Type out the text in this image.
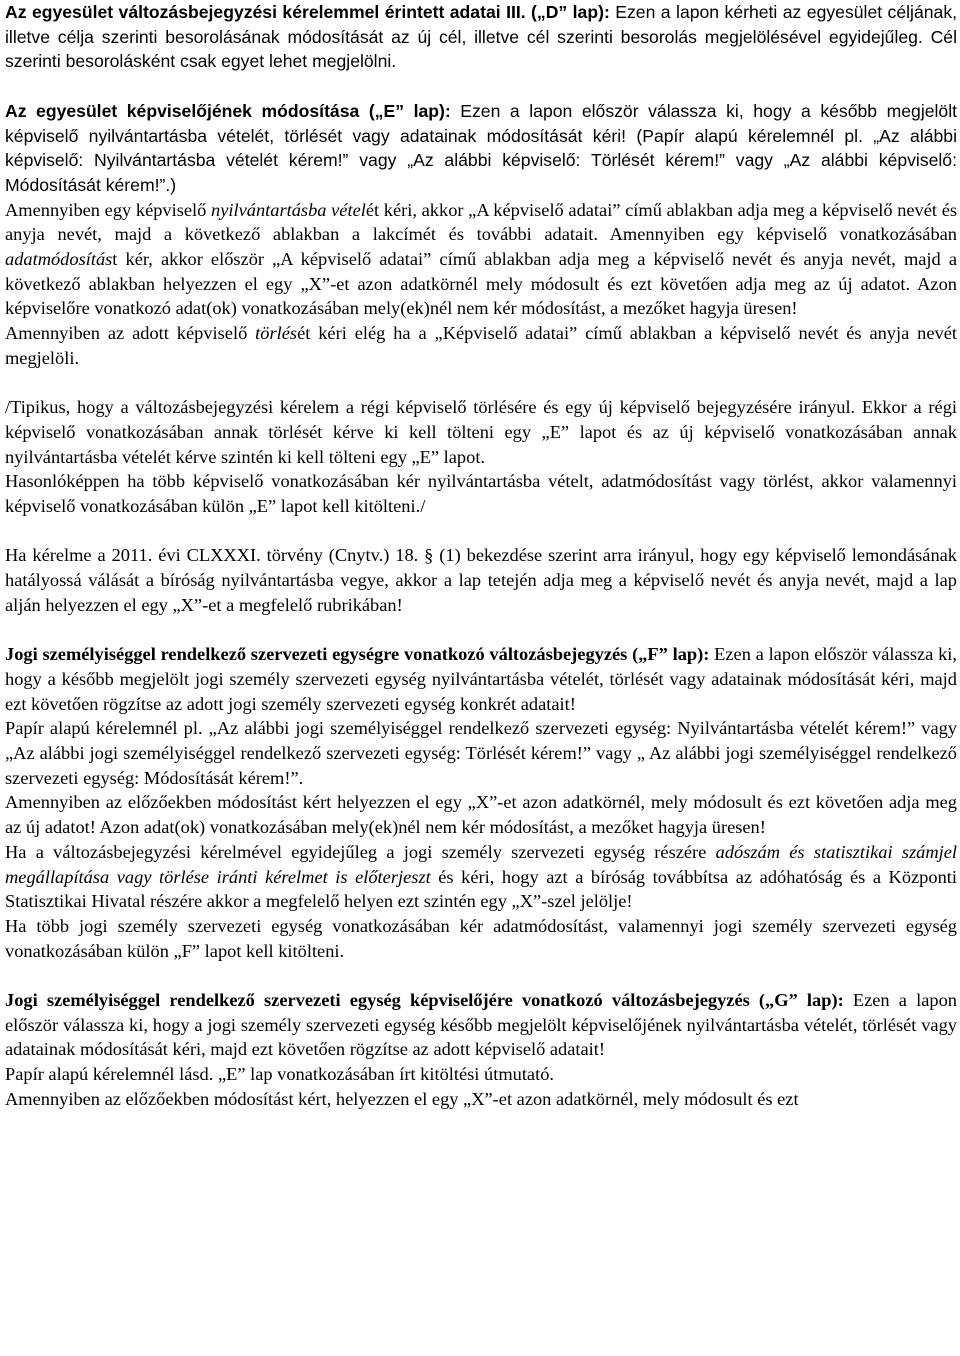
Az egyesület változásbejegyzési kérelemmel érintett adatai III. („D” lap): Ezen a lapon kérheti az egyesület céljának, illetve célja szerinti besorolásának módosítását az új cél, illetve cél szerinti besorolás megjelölésével egyidejűleg. Cél szerinti besorolásként csak egyet lehet megjelölni.

Az egyesület képviselőjének módosítása („E” lap): Ezen a lapon először válassza ki, hogy a később megjelölt képviselő nyilvántartásba vételét, törlését vagy adatainak módosítását kéri! (Papír alapú kérelemnél pl. „Az alábbi képviselő: Nyilvántartásba vételét kérem!” vagy „Az alábbi képviselő: Törlését kérem!” vagy „Az alábbi képviselő: Módosítását kérem!”.)

Amennyiben egy képviselő nyilvántartásba vételét kéri, akkor „A képviselő adatai” című ablakban adja meg a képviselő nevét és anyja nevét, majd a következő ablakban a lakcímét és további adatait. Amennyiben egy képviselő vonatkozásában adatmódosítást kér, akkor először „A képviselő adatai” című ablakban adja meg a képviselő nevét és anyja nevét, majd a következő ablakban helyezzen el egy „X”-et azon adatkörnél mely módosult és ezt követően adja meg az új adatot. Azon képviselőre vonatkozó adat(ok) vonatkozásában mely(ek)nél nem kér módosítást, a mezőket hagyja üresen!

Amennyiben az adott képviselő törlését kéri elég ha a „Képviselő adatai” című ablakban a képviselő nevét és anyja nevét megjelöli.

/Tipikus, hogy a változásbejegyzési kérelem a régi képviselő törlésére és egy új képviselő bejegyzésére irányul. Ekkor a régi képviselő vonatkozásában annak törlését kérve ki kell tölteni egy „E” lapot és az új képviselő vonatkozásában annak nyilvántartásba vételét kérve szintén ki kell tölteni egy „E” lapot.

Hasonlóképpen ha több képviselő vonatkozásában kér nyilvántartásba vételt, adatmódosítást vagy törlést, akkor valamennyi képviselő vonatkozásában külön „E” lapot kell kitölteni./

Ha kérelme a 2011. évi CLXXXI. törvény (Cnytv.) 18. § (1) bekezdése szerint arra irányul, hogy egy képviselő lemondásának hatályossá válását a bíróság nyilvántartásba vegye, akkor a lap tetején adja meg a képviselő nevét és anyja nevét, majd a lap alján helyezzen el egy „X”-et a megfelelő rubrikában!

Jogi személyiséggel rendelkező szervezeti egységre vonatkozó változásbejegyzés („F” lap): Ezen a lapon először válassza ki, hogy a később megjelölt jogi személy szervezeti egység nyilvántartásba vételét, törlését vagy adatainak módosítását kéri, majd ezt követően rögzítse az adott jogi személy szervezeti egység konkrét adatait!

Papír alapú kérelemnél pl. „Az alábbi jogi személyiséggel rendelkező szervezeti egység: Nyilvántartásba vételét kérem!” vagy „Az alábbi jogi személyiséggel rendelkező szervezeti egység: Törlését kérem!” vagy „ Az alábbi jogi személyiséggel rendelkező szervezeti egység: Módosítását kérem!”.

Amennyiben az előzőekben módosítást kért helyezzen el egy „X”-et azon adatkörnél, mely módosult és ezt követően adja meg az új adatot! Azon adat(ok) vonatkozásában mely(ek)nél nem kér módosítást, a mezőket hagyja üresen!

Ha a változásbejegyzési kérelmével egyidejűleg a jogi személy szervezeti egység részére adószám és statisztikai számjel megállapítása vagy törlése iránti kérelmet is előterjeszt és kéri, hogy azt a bíróság továbbítsa az adóhatóság és a Központi Statisztikai Hivatal részére akkor a megfelelő helyen ezt szintén egy „X”-szel jelölje!

Ha több jogi személy szervezeti egység vonatkozásában kér adatmódosítást, valamennyi jogi személy szervezeti egység vonatkozásában külön „F” lapot kell kitölteni.

Jogi személyiséggel rendelkező szervezeti egység képviselőjére vonatkozó változásbejegyzés („G” lap): Ezen a lapon először válassza ki, hogy a jogi személy szervezeti egység később megjelölt képviselőjének nyilvántartásba vételét, törlését vagy adatainak módosítását kéri, majd ezt követően rögzítse az adott képviselő adatait!

Papír alapú kérelemnél lásd. „E” lap vonatkozásában írt kitöltési útmutató.

Amennyiben az előzőekben módosítást kért, helyezzen el egy „X”-et azon adatkörnél, mely módosult és ezt
